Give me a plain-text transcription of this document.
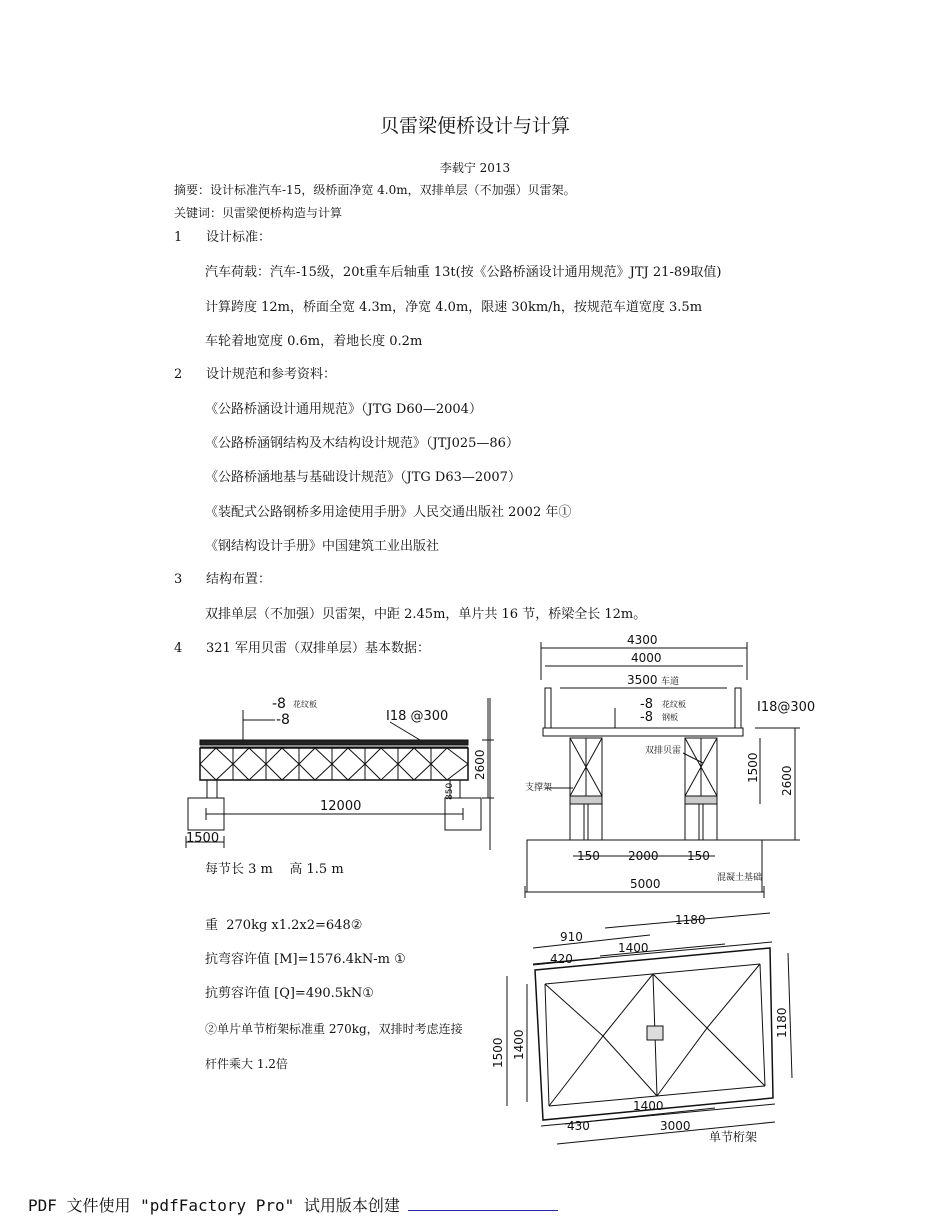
贝雷梁便桥设计与计算
李载宁 2013
摘要：设计标准汽车-15，级桥面净宽 4.0m，双排单层（不加强）贝雷架。
关键词：贝雷梁便桥构造与计算
1 设计标准：
汽车荷载：汽车-15级，20t重车后轴重 13t(按《公路桥涵设计通用规范》JTJ 21-89取值)
计算跨度 12m，桥面全宽 4.3m，净宽 4.0m，限速 30km/h，按规范车道宽度 3.5m
车轮着地宽度 0.6m，着地长度 0.2m
2 设计规范和参考资料：
《公路桥涵设计通用规范》（JTG D60—2004）
《公路桥涵钢结构及木结构设计规范》（JTJ025—86）
《公路桥涵地基与基础设计规范》（JTG D63—2007）
《装配式公路钢桥多用途使用手册》人民交通出版社 2002 年①
《钢结构设计手册》中国建筑工业出版社
3 结构布置：
双排单层（不加强）贝雷架，中距 2.45m，单片共 16 节，桥梁全长 12m。
4 321 军用贝雷（双排单层）基本数据：
每节长 3 m    高 1.5 m
重  270kg x1.2x2=648②
抗弯容许值 [M]=1576.4kN-m ①
抗剪容许值 [Q]=490.5kN①
②单片单节桁架标准重 270kg，双排时考虑连接
杆件乘大 1.2倍
-8 花纹板
-8	I18 @300
12000
1500
2600
850
4300
4000
3500 车道
-8 花纹板
-8 钢板
I18@300
双排贝雷
支撑架
1500 2600
150 2000 150
5000	混凝土基础
910
1180
420
1400
1500 1400
1180
1400
430	3000
单节桁架
PDF 文件使用 "pdfFactory Pro" 试用版本创建
